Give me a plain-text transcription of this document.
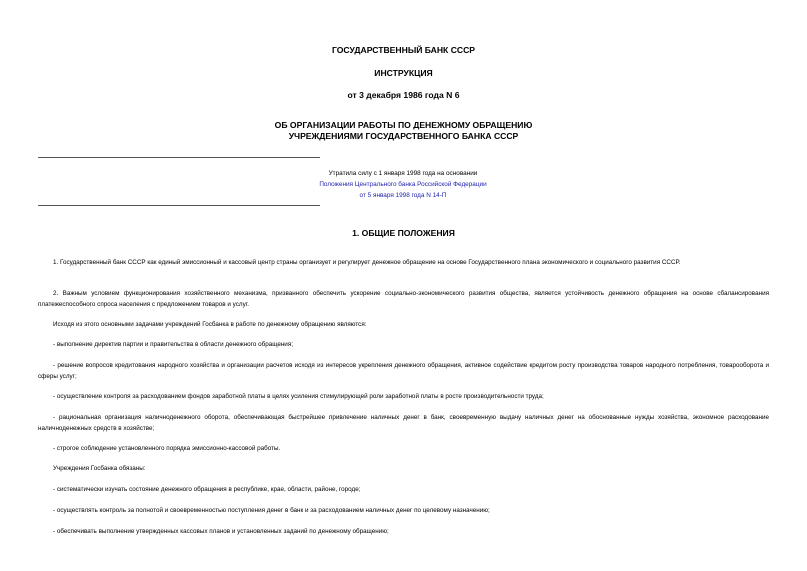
ГОСУДАРСТВЕННЫЙ БАНК СССР
ИНСТРУКЦИЯ
от 3 декабря 1986 года N 6
ОБ ОРГАНИЗАЦИИ РАБОТЫ ПО ДЕНЕЖНОМУ ОБРАЩЕНИЮ
УЧРЕЖДЕНИЯМИ ГОСУДАРСТВЕННОГО БАНКА СССР
Утратила силу с 1 января 1998 года на основании
Положения Центрального банка Российской Федерации
от 5 января 1998 года N 14-П
1. ОБЩИЕ ПОЛОЖЕНИЯ

1. Государственный банк СССР как единый эмиссионный и кассовый центр страны организует и регулирует денежное обращение на основе Государственного плана экономического и социального развития СССР.

2. Важным условием функционирования хозяйственного механизма, призванного обеспечить ускорение социально-экономического развития общества, является устойчивость денежного обращения на основе сбалансирования платежеспособного спроса населения с предложением товаров и услуг.

Исходя из этого основными задачами учреждений Госбанка в работе по денежному обращению являются:

- выполнение директив партии и правительства в области денежного обращения;

- решение вопросов кредитования народного хозяйства и организации расчетов исходя из интересов укрепления денежного обращения, активное содействие кредитом росту производства товаров народного потребления, товарооборота и сферы услуг;

- осуществление контроля за расходованием фондов заработной платы в целях усиления стимулирующей роли заработной платы в росте производительности труда;

- рациональная организация наличноденежного оборота, обеспечивающая быстрейшее привлечение наличных денег в банк, своевременную выдачу наличных денег на обоснованные нужды хозяйства, экономное расходование наличноденежных средств в хозяйстве;

- строгое соблюдение установленного порядка эмиссионно-кассовой работы.

Учреждения Госбанка обязаны:

- систематически изучать состояние денежного обращения в республике, крае, области, районе, городе;

- осуществлять контроль за полнотой и своевременностью поступления денег в банк и за расходованием наличных денег по целевому назначению;

- обеспечивать выполнение утвержденных кассовых планов и установленных заданий по денежному обращению;
